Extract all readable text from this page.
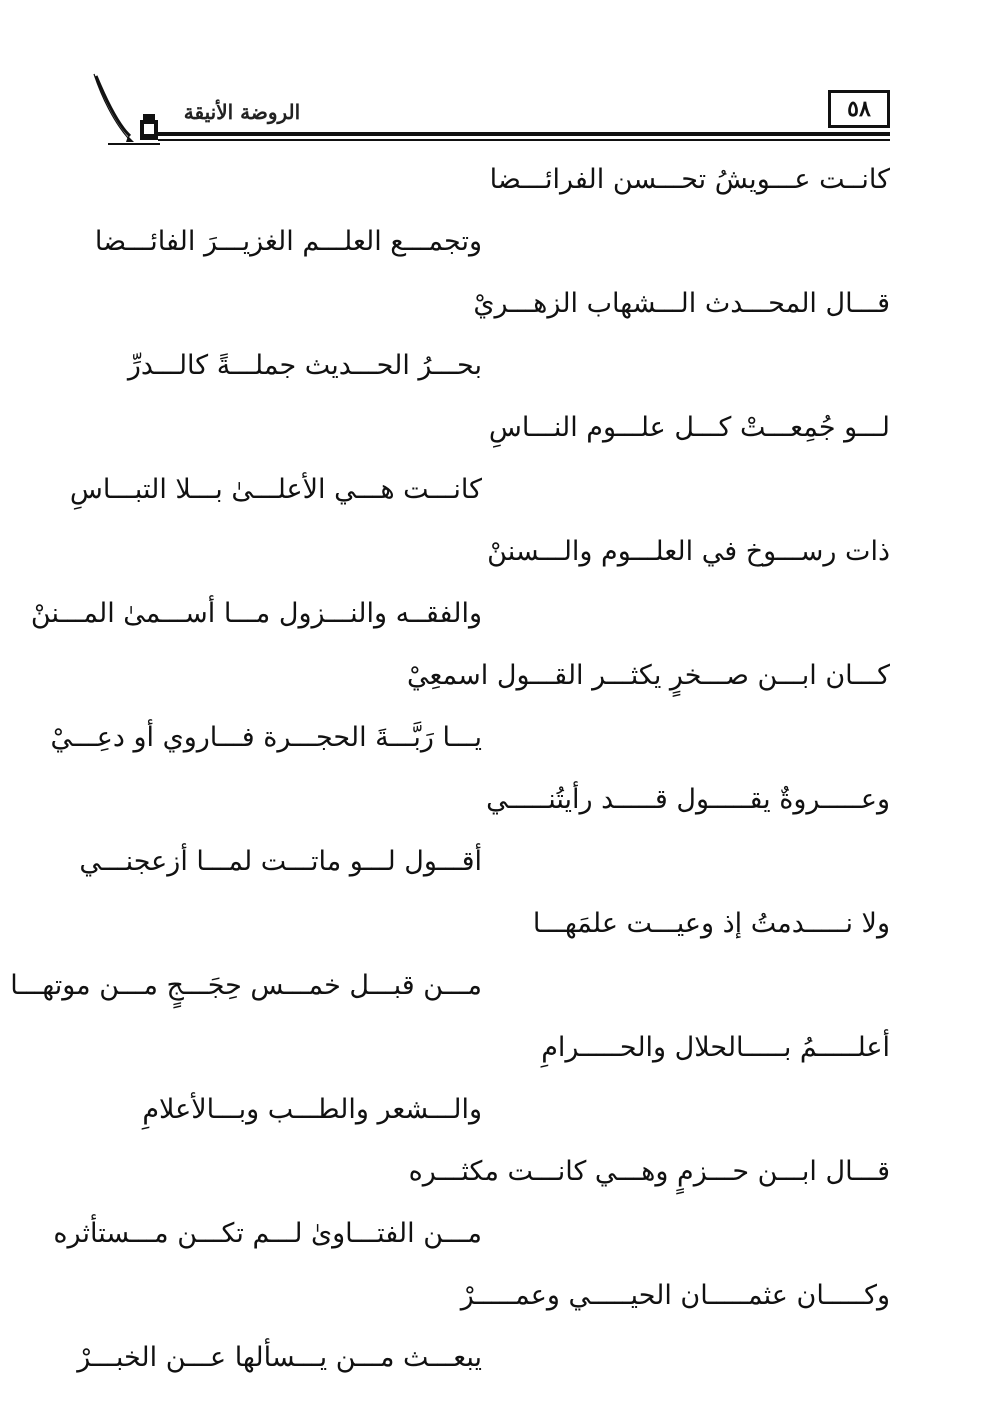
٥٨
الروضة الأنيقة
كانــت عـــويشُ تحـــسن الفرائـــضا
وتجمـــع العلـــم الغزيـــرَ الفائـــضا
قـــال المحـــدث الـــشهاب الزهـــريْ
بحـــرُ الحـــديث جملـــةً كالـــدرِّ
لـــو جُمِعـــتْ كـــل علـــوم النـــاسِ
كانـــت هـــي الأعلـــىٰ بـــلا التبـــاسِ
ذات رســـوخ في العلـــوم والـــسننْ
والفقــه والنـــزول مـــا أســـمىٰ المـــننْ
كـــان ابـــن صـــخرٍ يكثـــر القـــول اسمعِيْ
يـــا رَبَّـــةَ الحجـــرة فـــاروي أو دعِـــيْ
وعـــــروةٌ يقـــــول قـــــد رأيتُنـــــي
أقـــول لـــو ماتـــت لمـــا أزعجنـــي
ولا نـــــدمتُ إذ وعيـــت علمَهـــا
مـــن قبـــل خمـــس حِجَـــجٍ مـــن موتهـــا
أعلـــــمُ بـــــالحلال والحـــــرامِ
والـــشعر والطـــب وبـــالأعلامِ
قـــال ابـــن حـــزمٍ وهـــي كانـــت مكثـــره
مـــن الفتـــاوىٰ لـــم تكـــن مـــستأثره
وكـــــان عثمـــــان الحيـــــي وعمـــــرْ
يبعـــث مـــن يـــسألها عـــن الخبـــرْ
